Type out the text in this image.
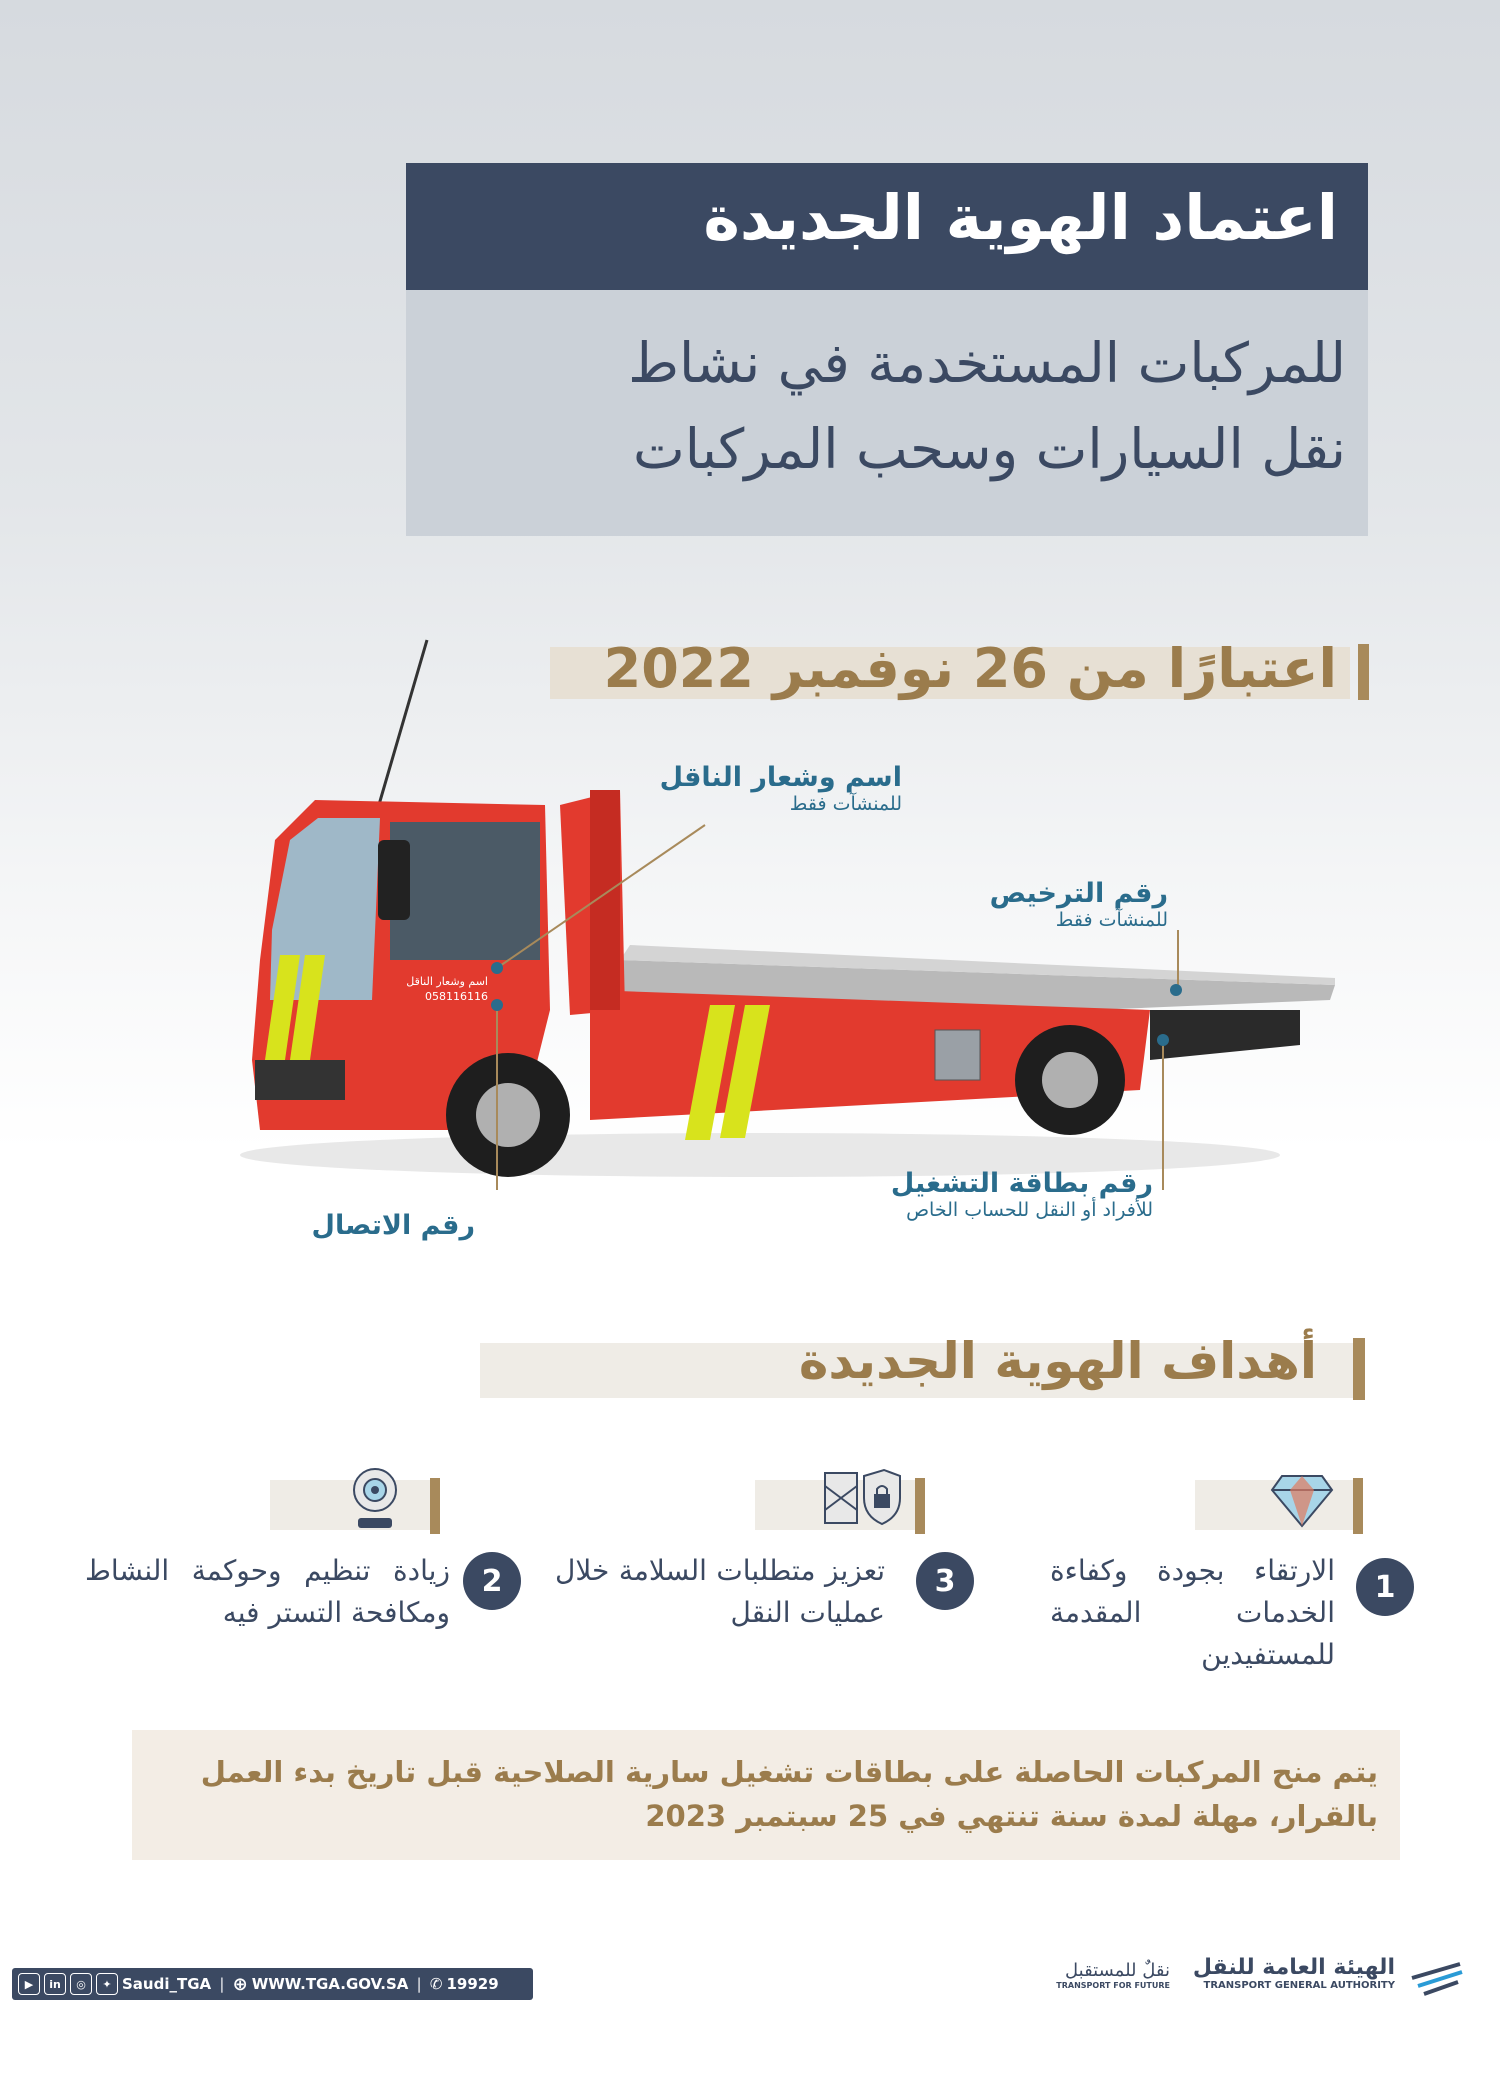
اعتماد الهوية الجديدة
للمركبات المستخدمة في نشاط
نقل السيارات وسحب المركبات
اعتبارًا من 26 نوفمبر 2022
اسم وشعار الناقل
058116116
اسم وشعار الناقل
للمنشآت فقط
رقم الترخيص
للمنشآت فقط
رقم بطاقة التشغيل
للأفراد أو النقل للحساب الخاص
رقم الاتصال
أهداف الهوية الجديدة
1
الارتقاء بجودة وكفاءة الخدمات المقدمة للمستفيدين
3
تعزيز متطلبات السلامة خلال عمليات النقل
2
زيادة تنظيم وحوكمة النشاط ومكافحة التستر فيه
يتم منح المركبات الحاصلة على بطاقات تشغيل سارية الصلاحية قبل تاريخ بدء العمل بالقرار، مهلة لمدة سنة تنتهي في 25 سبتمبر 2023
▶	in	◎	✦ Saudi_TGA | ⊕ WWW.TGA.GOV.SA | ✆ 19929
الهيئة العامة للنقل
TRANSPORT GENERAL AUTHORITY
نقلٌ للمستقبل
TRANSPORT FOR FUTURE
